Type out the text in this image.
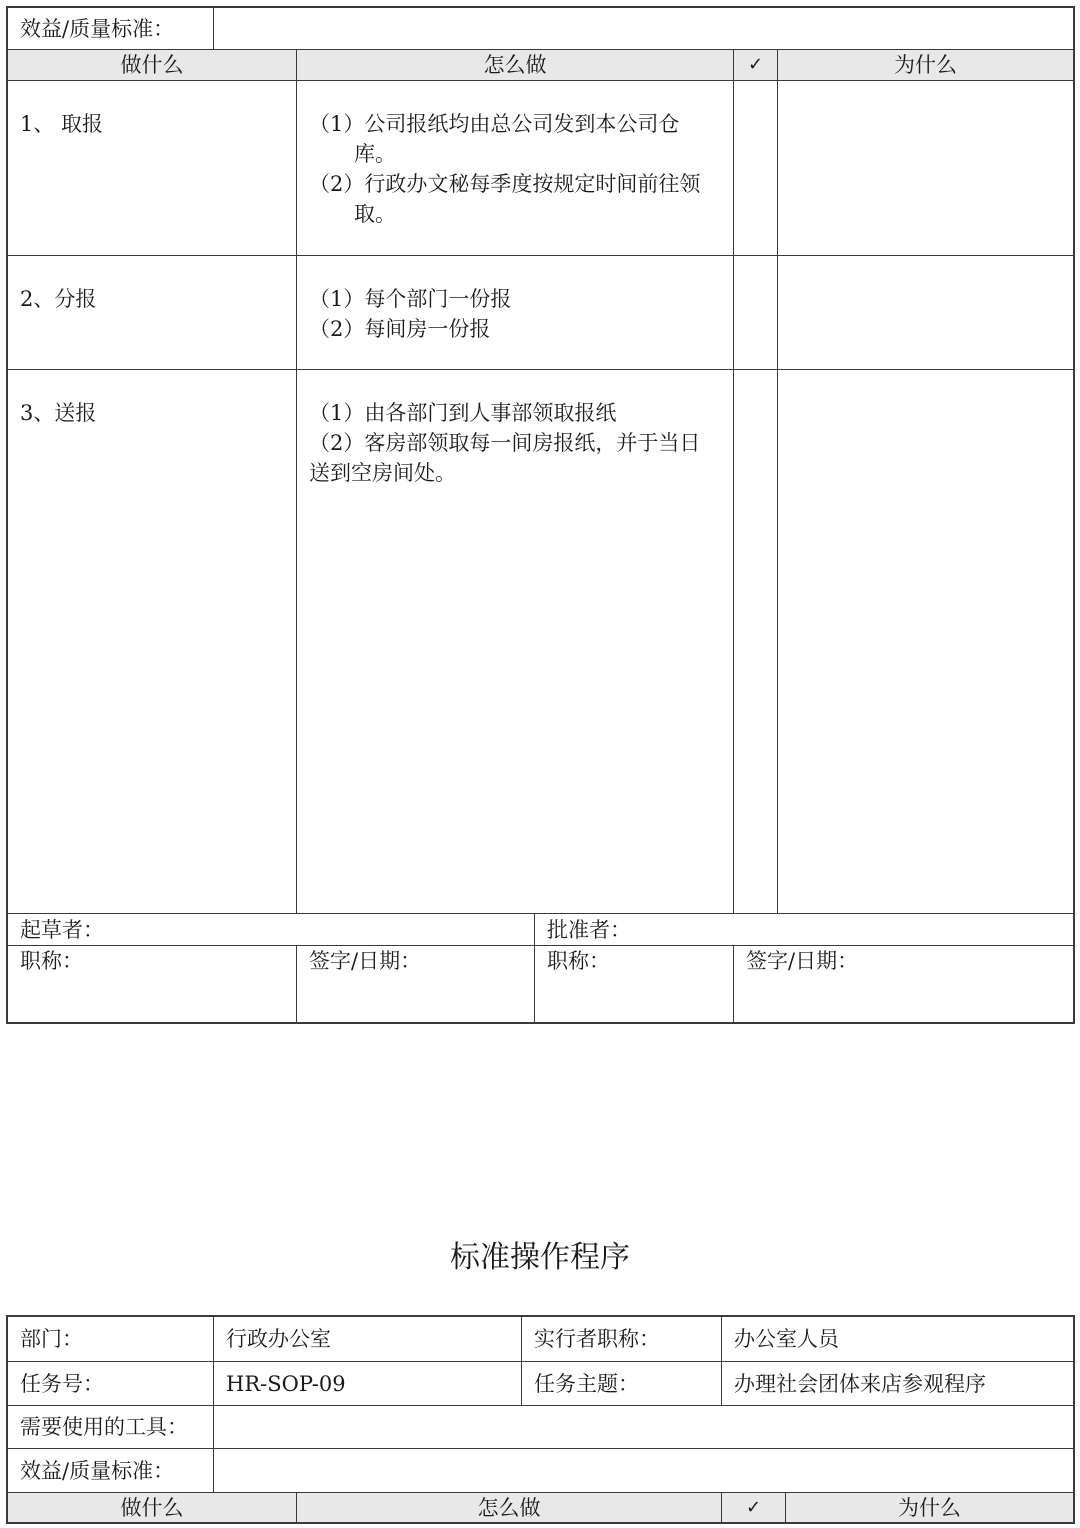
效益/质量标准：					
做什么		怎么做		✓	为什么
1、 取报		（1）公司报纸均由总公司发到本公司仓库。

（2）行政办文秘每季度按规定时间前往领取。			

2、分报		（1）每个部门一份报

（2）每间房一份报			

3、送报		（1）由各部门到人事部领取报纸

（2）客房部领取每一间房报纸，并于当日送到空房间处。			

起草者：			批准者：		
职称：		签字/日期：	职称：	签字/日期：	
标准操作程序
部门：	行政办公室		实行者职称：	办公室人员	
任务号：	HR-SOP-09		任务主题：	办理社会团体来店参观程序	
需要使用的工具：					
效益/质量标准：					
做什么		怎么做		✓	为什么
